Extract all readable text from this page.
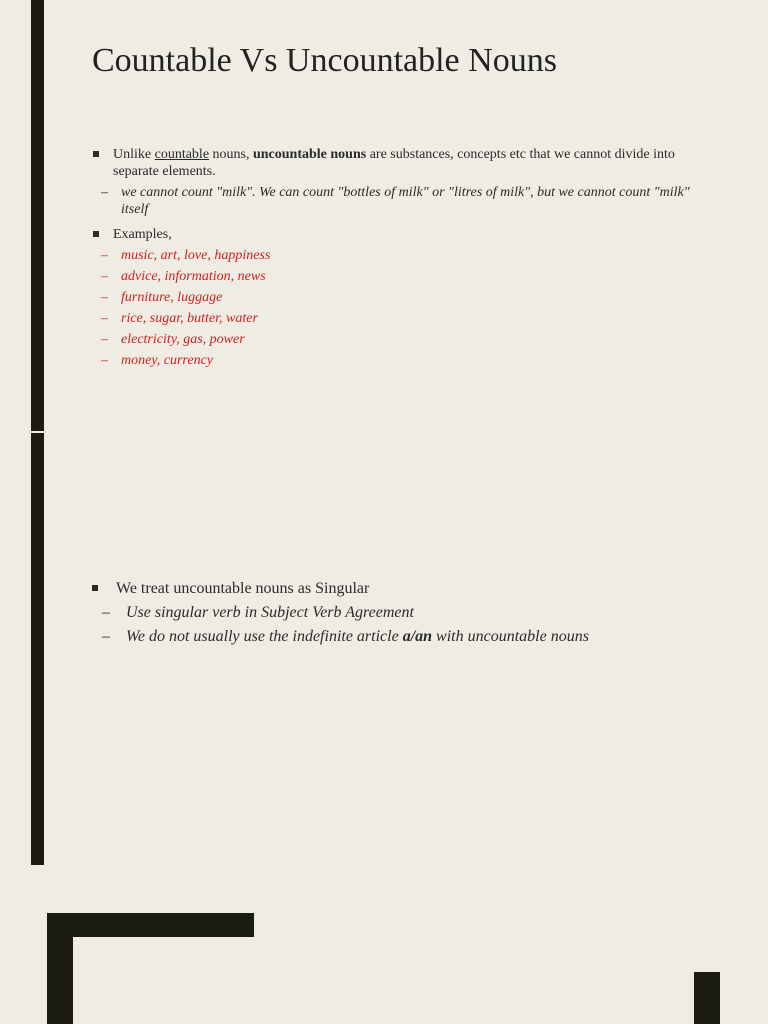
Countable Vs Uncountable Nouns
Unlike countable nouns, uncountable nouns are substances, concepts etc that we cannot divide into separate elements.
– we cannot count "milk". We can count "bottles of milk" or "litres of milk", but we cannot count "milk" itself
Examples,
– music, art, love, happiness
– advice, information, news
– furniture, luggage
– rice, sugar, butter, water
– electricity, gas, power
– money, currency
We treat uncountable nouns as Singular
– Use singular verb in Subject Verb Agreement
– We do not usually use the indefinite article a/an with uncountable nouns
